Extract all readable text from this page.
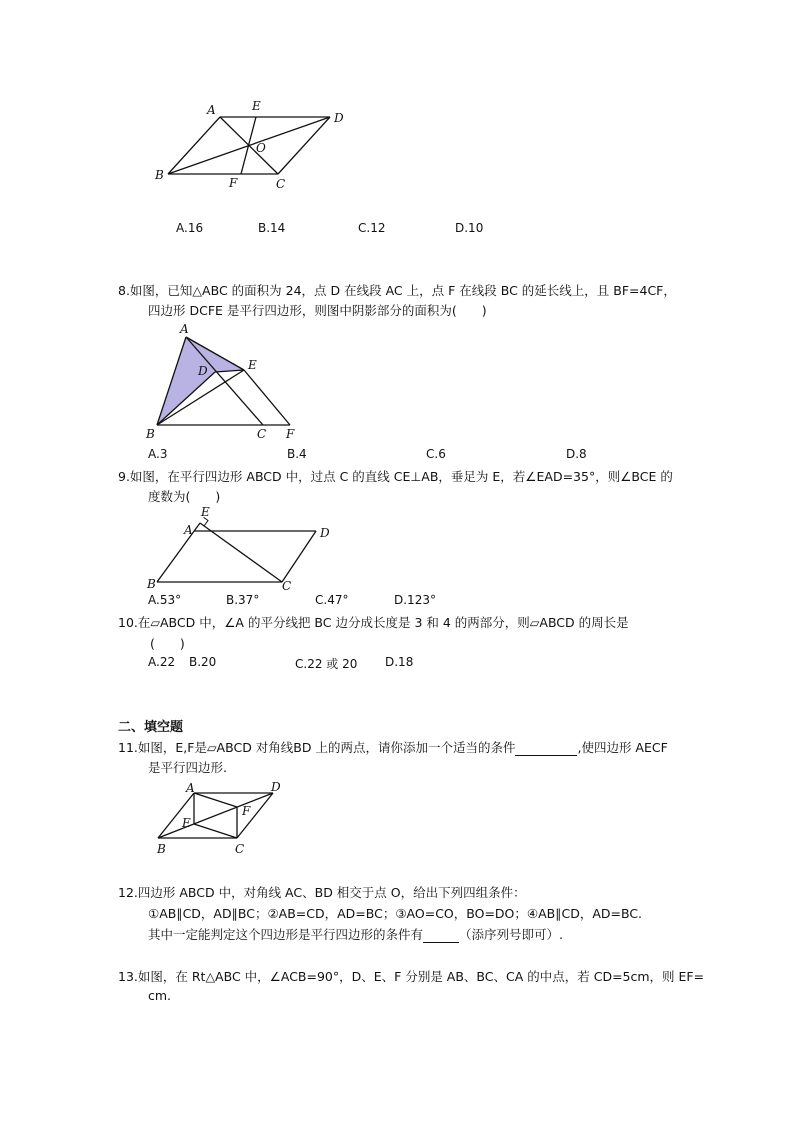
A	E
D
O
B
F	C
A.16	B.14	C.12	D.10
8.如图，已知△ABC 的面积为 24，点 D 在线段 AC 上，点 F 在线段 BC 的延长线上，且 BF=4CF，
四边形 DCFE 是平行四边形，则图中阴影部分的面积为(　　)
A
D	E
B	C F
A.3	B.4	C.6	D.8
9.如图，在平行四边形 ABCD 中，过点 C 的直线 CE⊥AB，垂足为 E，若∠EAD=35°，则∠BCE 的
度数为(　　)
E
A	D
B	C
A.53°	B.37°	C.47°	D.123°
10.在▱ABCD 中，∠A 的平分线把 BC 边分成长度是 3 和 4 的两部分，则▱ABCD 的周长是
(　　)
A.22 B.20	C.22 或 20 D.18
二、填空题
11.如图，E,F是▱ABCD 对角线BD 上的两点，请你添加一个适当的条件	,使四边形 AECF
是平行四边形.
A	D
E
F
B	C
12.四边形 ABCD 中，对角线 AC、BD 相交于点 O，给出下列四组条件：
①AB∥CD，AD∥BC；②AB=CD，AD=BC；③AO=CO，BO=DO；④AB∥CD，AD=BC.
其中一定能判定这个四边形是平行四边形的条件有	（添序列号即可）.
13.如图，在 Rt△ABC 中，∠ACB=90°，D、E、F 分别是 AB、BC、CA 的中点，若 CD=5cm，则 EF=
cm.
